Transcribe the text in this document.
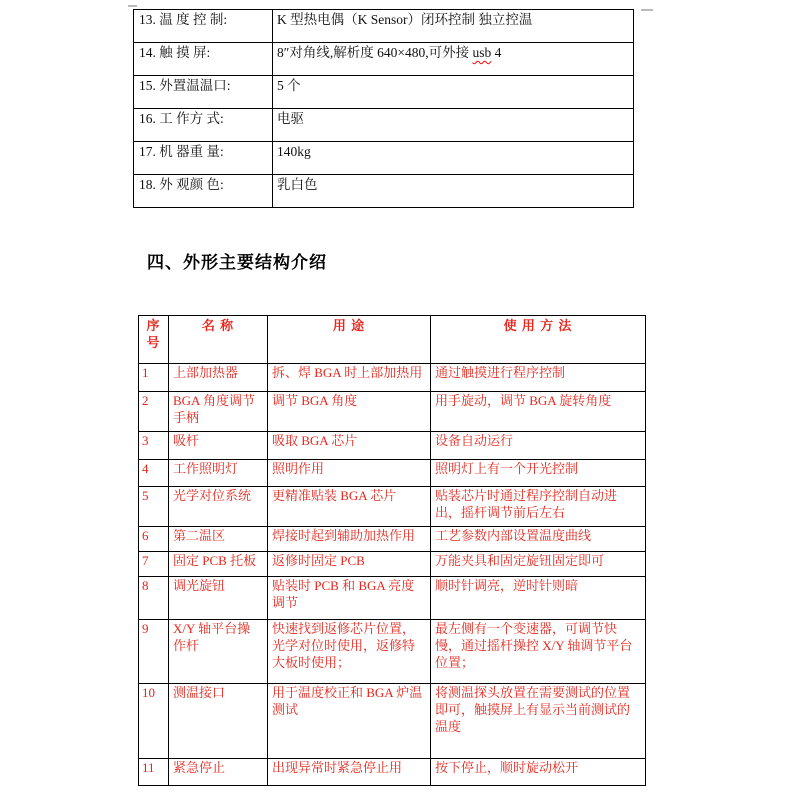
13. 温 度 控 制:	K 型热电偶（K Sensor）闭环控制 独立控温
14. 触 摸 屏:	8″对角线,解析度 640×480,可外接 usb 4
15. 外置温温口:	5 个
16. 工 作方 式:	电驱
17. 机 器重 量:	140kg
18. 外 观颜 色:	乳白色
四、外形主要结构介绍
序号	名 称	用 途	使 用 方 法
1	上部加热器	拆、焊 BGA 时上部加热用	通过触摸进行程序控制
2	BGA 角度调节手柄	调节 BGA 角度	用手旋动，调节 BGA 旋转角度
3	吸杆	吸取 BGA 芯片	设备自动运行
4	工作照明灯	照明作用	照明灯上有一个开光控制
5	光学对位系统	更精准贴装 BGA 芯片	贴装芯片时通过程序控制自动进出，摇杆调节前后左右
6	第二温区	焊接时起到辅助加热作用	工艺参数内部设置温度曲线
7	固定 PCB 托板	返修时固定 PCB	万能夹具和固定旋钮固定即可
8	调光旋钮	贴装时 PCB 和 BGA 亮度调节	顺时针调亮，逆时针则暗
9	X/Y 轴平台操作杆	快速找到返修芯片位置，光学对位时使用，返修特大板时使用；	最左侧有一个变速器，可调节快慢，通过摇杆操控 X/Y 轴调节平台位置；
10	测温接口	用于温度校正和 BGA 炉温测试	将测温探头放置在需要测试的位置即可，触摸屏上有显示当前测试的温度
11	紧急停止	出现异常时紧急停止用	按下停止，顺时旋动松开
